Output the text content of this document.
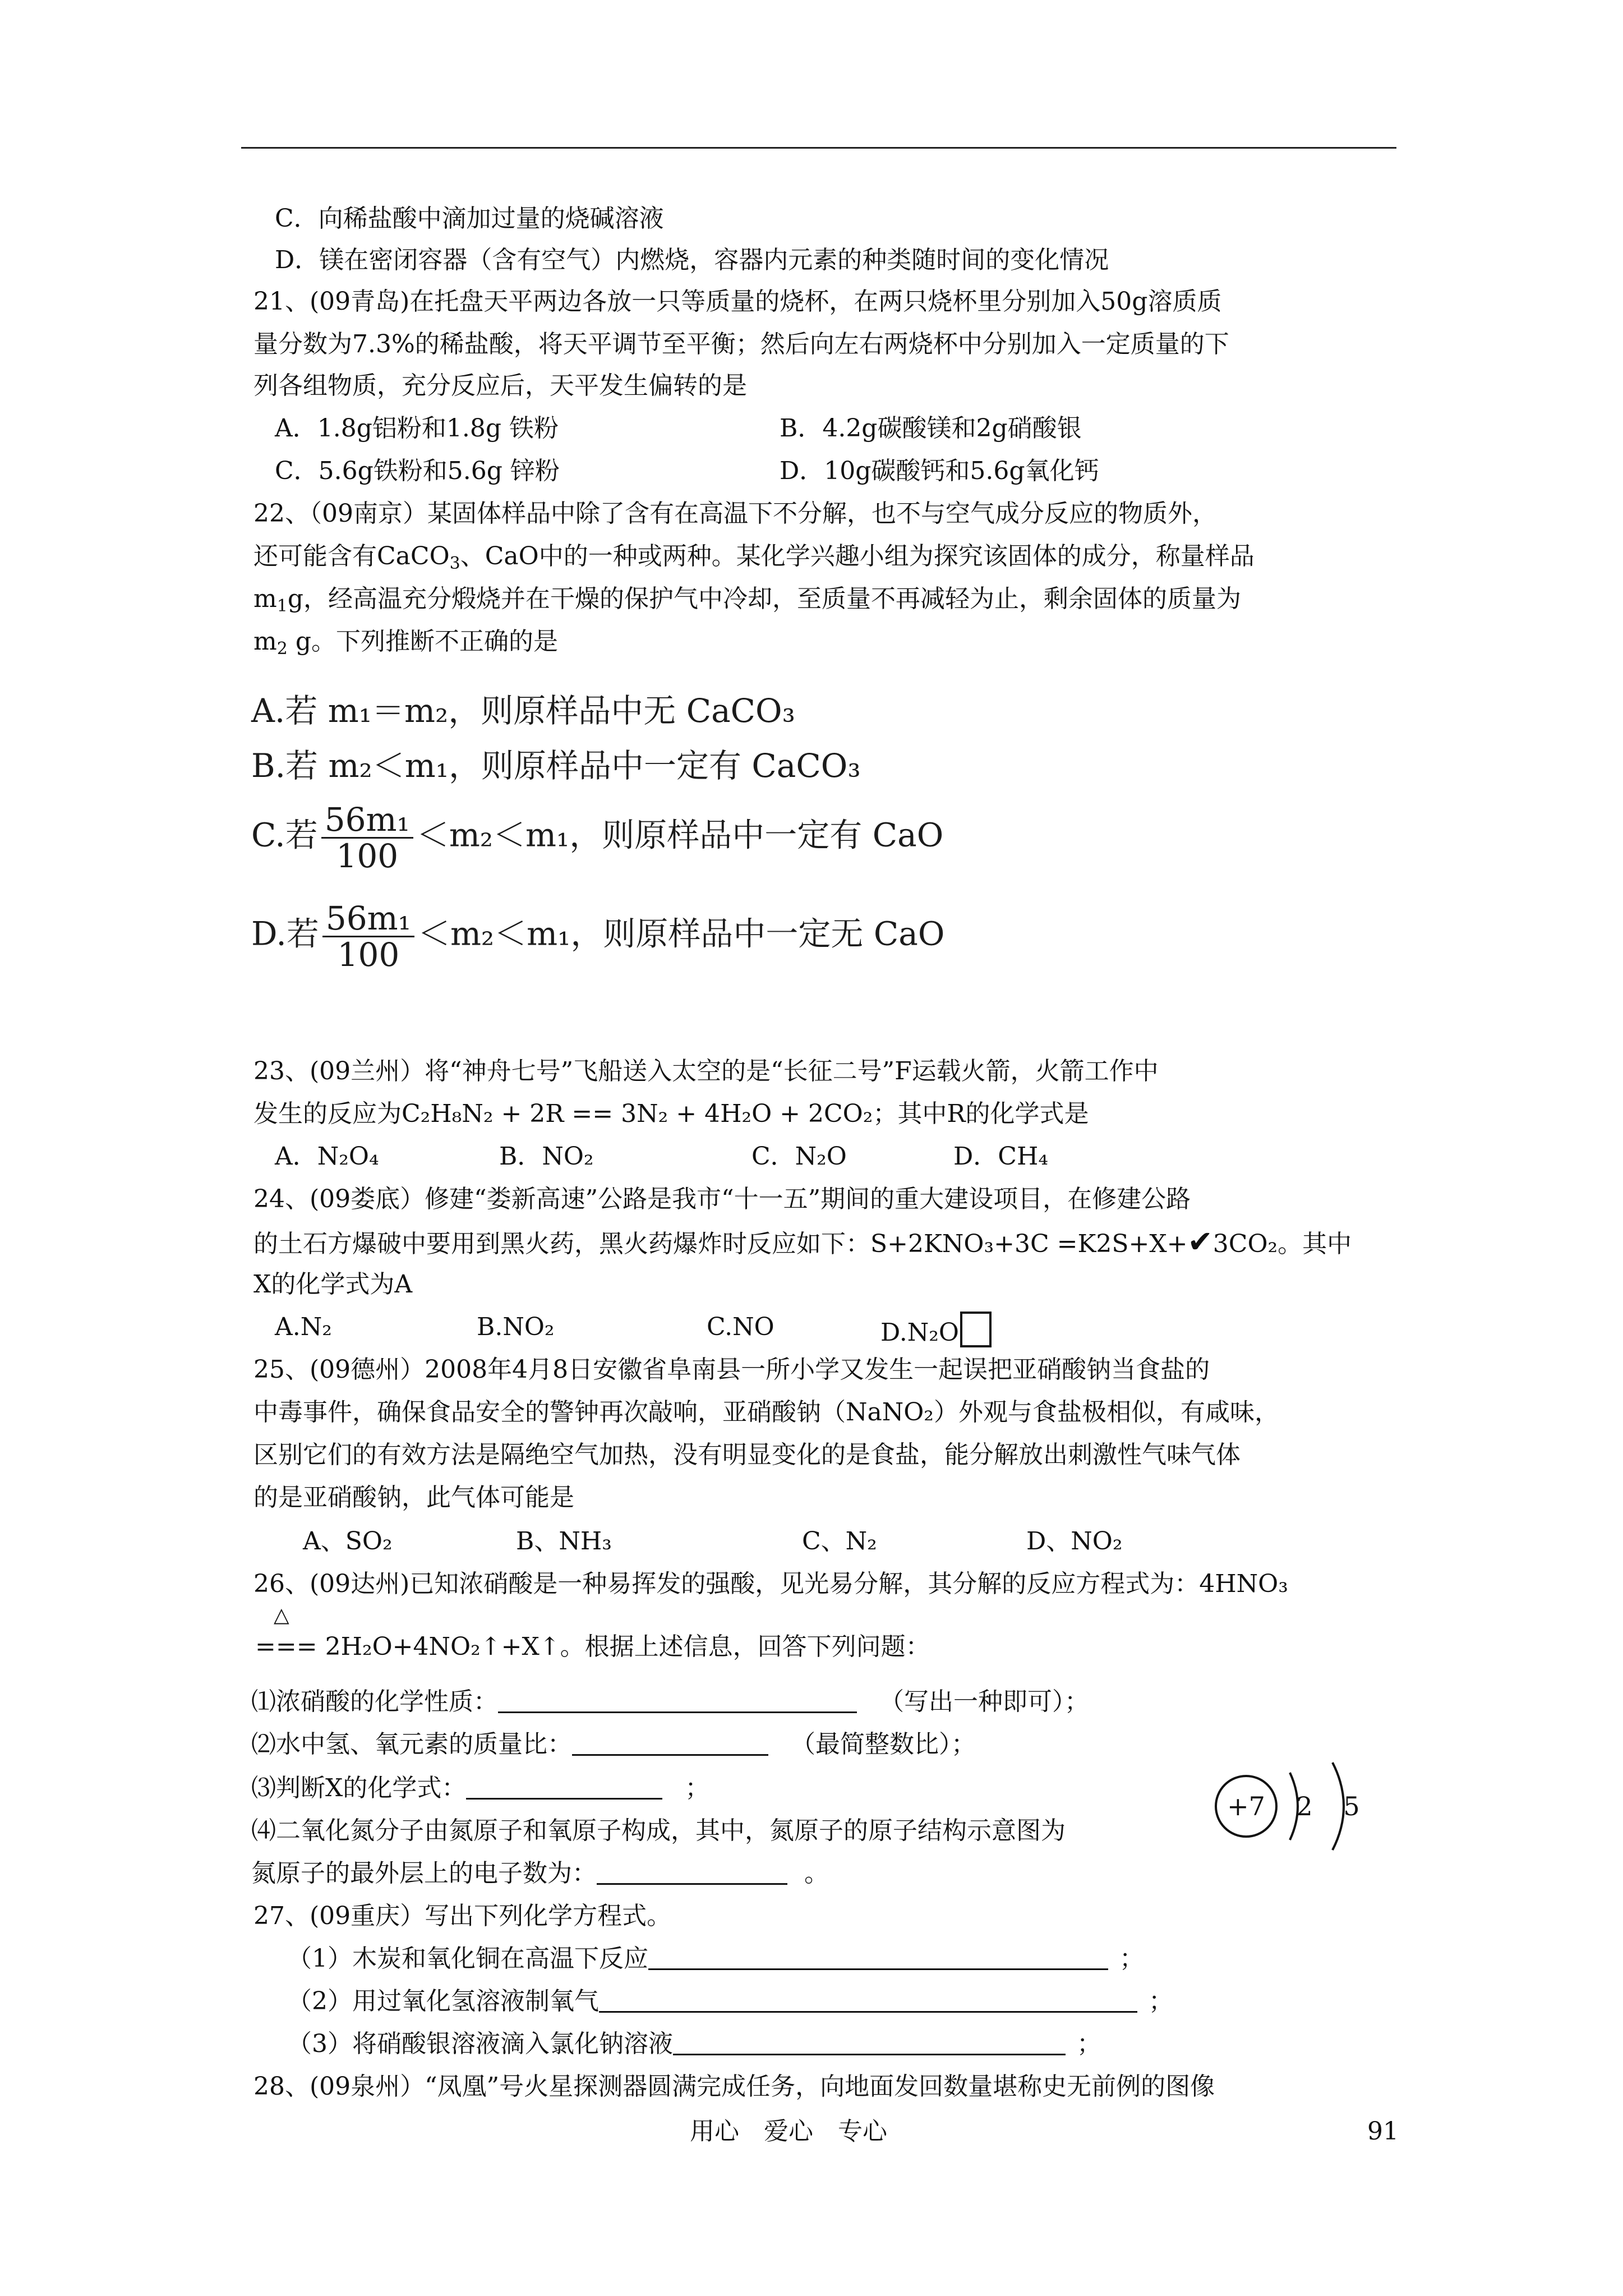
C．向稀盐酸中滴加过量的烧碱溶液
D．镁在密闭容器（含有空气）内燃烧，容器内元素的种类随时间的变化情况
21、(09青岛)在托盘天平两边各放一只等质量的烧杯，在两只烧杯里分别加入50g溶质质
量分数为7.3%的稀盐酸，将天平调节至平衡；然后向左右两烧杯中分别加入一定质量的下
列各组物质，充分反应后，天平发生偏转的是
A．1.8g铝粉和1.8g 铁粉	B．4.2g碳酸镁和2g硝酸银
C．5.6g铁粉和5.6g 锌粉	D．10g碳酸钙和5.6g氧化钙
22、（09南京）某固体样品中除了含有在高温下不分解，也不与空气成分反应的物质外，
还可能含有CaCO$_3$、CaO中的一种或两种。某化学兴趣小组为探究该固体的成分，称量样品
$m_1g$，经高温充分煅烧并在干燥的保护气中冷却，至质量不再减轻为止，剩余固体的质量为
$m_2$ g。下列推断不正确的是
A.若 m₁＝m₂，则原样品中无 CaCO₃
B.若 m₂＜m₁，则原样品中一定有 CaCO₃
C.若 $\frac{\text{56m₁}}{100} <m_2<m_1$，则原样品中一定有 CaO
D.若 $\frac{\text{56m₁}}{100} <m_2<m_1$，则原样品中一定无 CaO
23、(09兰州）将“神舟七号”飞船送入太空的是“长征二号”F运载火箭，火箭工作中
发生的反应为C₂H₈N₂ + 2R == 3N₂ + 4H₂O + 2CO₂；其中R的化学式是
A．N₂O₄	B．NO₂	C．N₂O	D．CH₄
24、(09娄底）修建“娄新高速”公路是我市“十一五”期间的重大建设项目，在修建公路
的土石方爆破中要用到黑火药，黑火药爆炸时反应如下：S+2KNO₃+3C =K2S+X+✔3CO₂。其中
X的化学式为A
A.N₂	B.NO₂	C.NO	D.N₂O
25、(09德州）2008年4月8日安徽省阜南县一所小学又发生一起误把亚硝酸钠当食盐的
中毒事件，确保食品安全的警钟再次敲响，亚硝酸钠（NaNO₂）外观与食盐极相似，有咸味，
区别它们的有效方法是隔绝空气加热，没有明显变化的是食盐，能分解放出刺激性气味气体
的是亚硝酸钠，此气体可能是
A、SO₂	B、NH₃	C、N₂	D、NO₂
26、(09达州)已知浓硝酸是一种易挥发的强酸，见光易分解，其分解的反应方程式为：4HNO₃
△
=== 2H₂O+4NO₂↑+X↑。根据上述信息，回答下列问题：
⑴浓硝酸的化学性质：	（写出一种即可）；
⑵水中氢、氧元素的质量比：	（最简整数比）；
⑶判断X的化学式：	；
⑷二氧化氮分子由氮原子和氧原子构成，其中，氮原子的原子结构示意图为
氮原子的最外层上的电子数为：	。
+7 2 5
27、(09重庆）写出下列化学方程式。
（1）木炭和氧化铜在高温下反应	；
（2）用过氧化氢溶液制氧气	；
（3）将硝酸银溶液滴入氯化钠溶液	；
28、(09泉州）“凤凰”号火星探测器圆满完成任务，向地面发回数量堪称史无前例的图像
用心　爱心　专心	91
